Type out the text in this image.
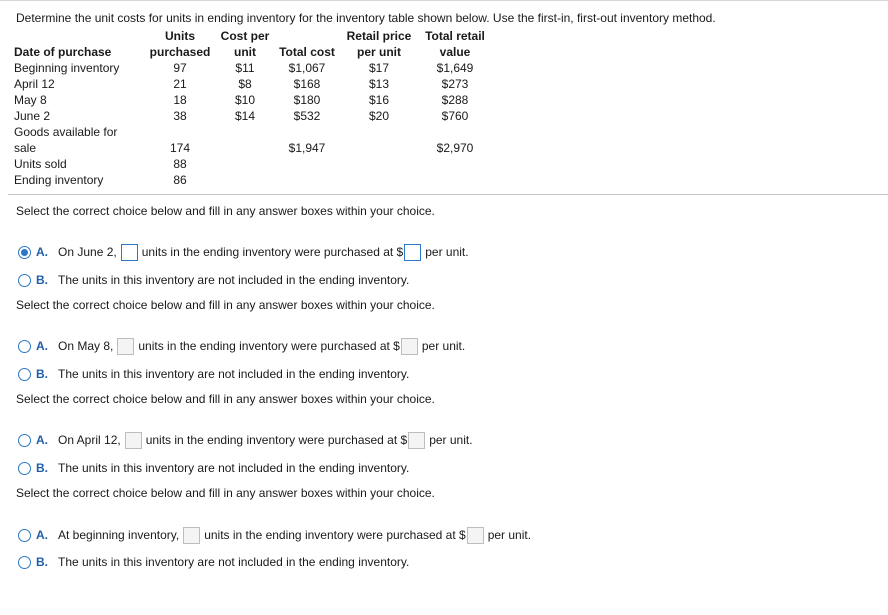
Determine the unit costs for units in ending inventory for the inventory table shown below. Use the first-in, first-out inventory method.
	Units	Cost per		Retail price	Total retail
Date of purchase	purchased	unit	Total cost	per unit	value
Beginning inventory	97	$11	$1,067	$17	$1,649
April 12	21	$8	$168	$13	$273
May 8	18	$10	$180	$16	$288
June 2	38	$14	$532	$20	$760
Goods available for					
sale	174		$1,947		$2,970
Units sold	88				
Ending inventory	86				
Select the correct choice below and fill in any answer boxes within your choice.
A. On June 2, units in the ending inventory were purchased at $ per unit.
B. The units in this inventory are not included in the ending inventory.
Select the correct choice below and fill in any answer boxes within your choice.
A. On May 8, units in the ending inventory were purchased at $ per unit.
B. The units in this inventory are not included in the ending inventory.
Select the correct choice below and fill in any answer boxes within your choice.
A. On April 12, units in the ending inventory were purchased at $ per unit.
B. The units in this inventory are not included in the ending inventory.
Select the correct choice below and fill in any answer boxes within your choice.
A. At beginning inventory, units in the ending inventory were purchased at $ per unit.
B. The units in this inventory are not included in the ending inventory.
